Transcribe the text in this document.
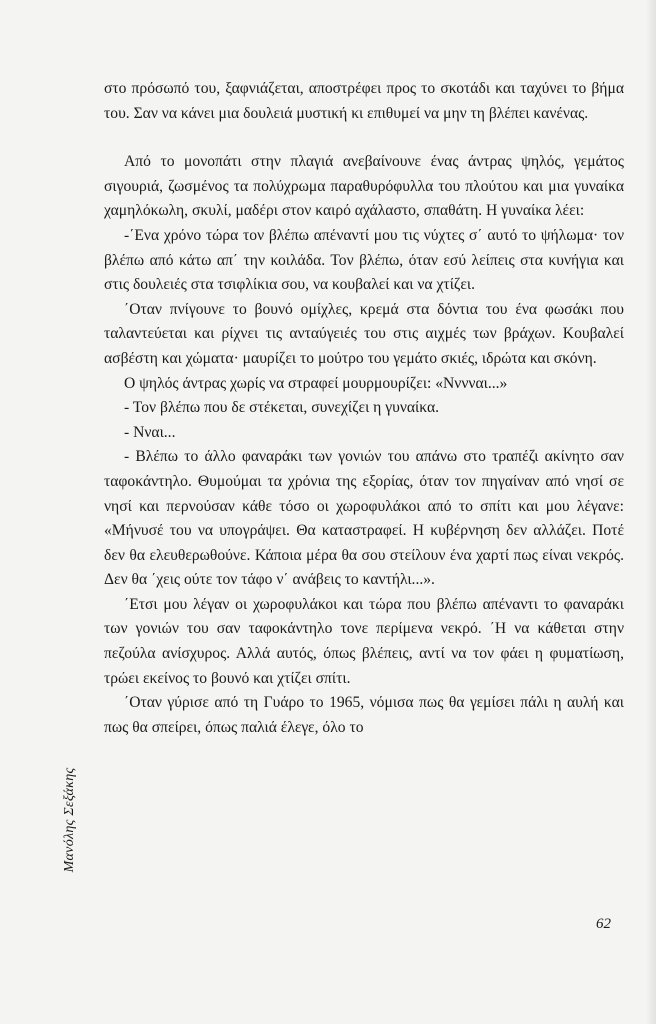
στο πρόσωπό του, ξαφνιάζεται, αποστρέφει προς το σκοτάδι και ταχύνει το βήμα του. Σαν να κάνει μια δουλειά μυστική κι επιθυμεί να μην τη βλέπει κανένας.

Από το μονοπάτι στην πλαγιά ανεβαίνουνε ένας άντρας ψηλός, γεμάτος σιγουριά, ζωσμένος τα πολύχρωμα παραθυρόφυλλα του πλούτου και μια γυναίκα χαμηλόκωλη, σκυλί, μαδέρι στον καιρό αχάλαστο, σπαθάτη. Η γυναίκα λέει:

-΄Ενα χρόνο τώρα τον βλέπω απέναντί μου τις νύχτες σ΄ αυτό το ψήλωμα· τον βλέπω από κάτω απ΄ την κοιλάδα. Τον βλέπω, όταν εσύ λείπεις στα κυνήγια και στις δουλειές στα τσιφλίκια σου, να κουβαλεί και να χτίζει.

΄Οταν πνίγουνε το βουνό ομίχλες, κρεμά στα δόντια του ένα φωσάκι που ταλαντεύεται και ρίχνει τις ανταύγειές του στις αιχμές των βράχων. Κουβαλεί ασβέστη και χώματα· μαυρίζει το μούτρο του γεμάτο σκιές, ιδρώτα και σκόνη.

Ο ψηλός άντρας χωρίς να στραφεί μουρμουρίζει: «Νννναι...»

- Τον βλέπω που δε στέκεται, συνεχίζει η γυναίκα.

- Νναι...

- Βλέπω το άλλο φαναράκι των γονιών του απάνω στο τραπέζι ακίνητο σαν ταφοκάντηλο. Θυμούμαι τα χρόνια της εξορίας, όταν τον πηγαίναν από νησί σε νησί και περνούσαν κάθε τόσο οι χωροφυλάκοι από το σπίτι και μου λέγανε: «Μήνυσέ του να υπογράψει. Θα καταστραφεί. Η κυβέρνηση δεν αλλάζει. Ποτέ δεν θα ελευθερωθούνε. Κάποια μέρα θα σου στείλουν ένα χαρτί πως είναι νεκρός. Δεν θα ΄χεις ούτε τον τάφο ν΄ ανάβεις το καντήλι...».

΄Ετσι μου λέγαν οι χωροφυλάκοι και τώρα που βλέπω απέναντι το φαναράκι των γονιών του σαν ταφοκάντηλο τονε περίμενα νεκρό. ΄Η να κάθεται στην πεζούλα ανίσχυρος. Αλλά αυτός, όπως βλέπεις, αντί να τον φάει η φυματίωση, τρώει εκείνος το βουνό και χτίζει σπίτι.

΄Οταν γύρισε από τη Γυάρο το 1965, νόμισα πως θα γεμίσει πάλι η αυλή και πως θα σπείρει, όπως παλιά έλεγε, όλο το

Μανόλης Σεξάκης
62
